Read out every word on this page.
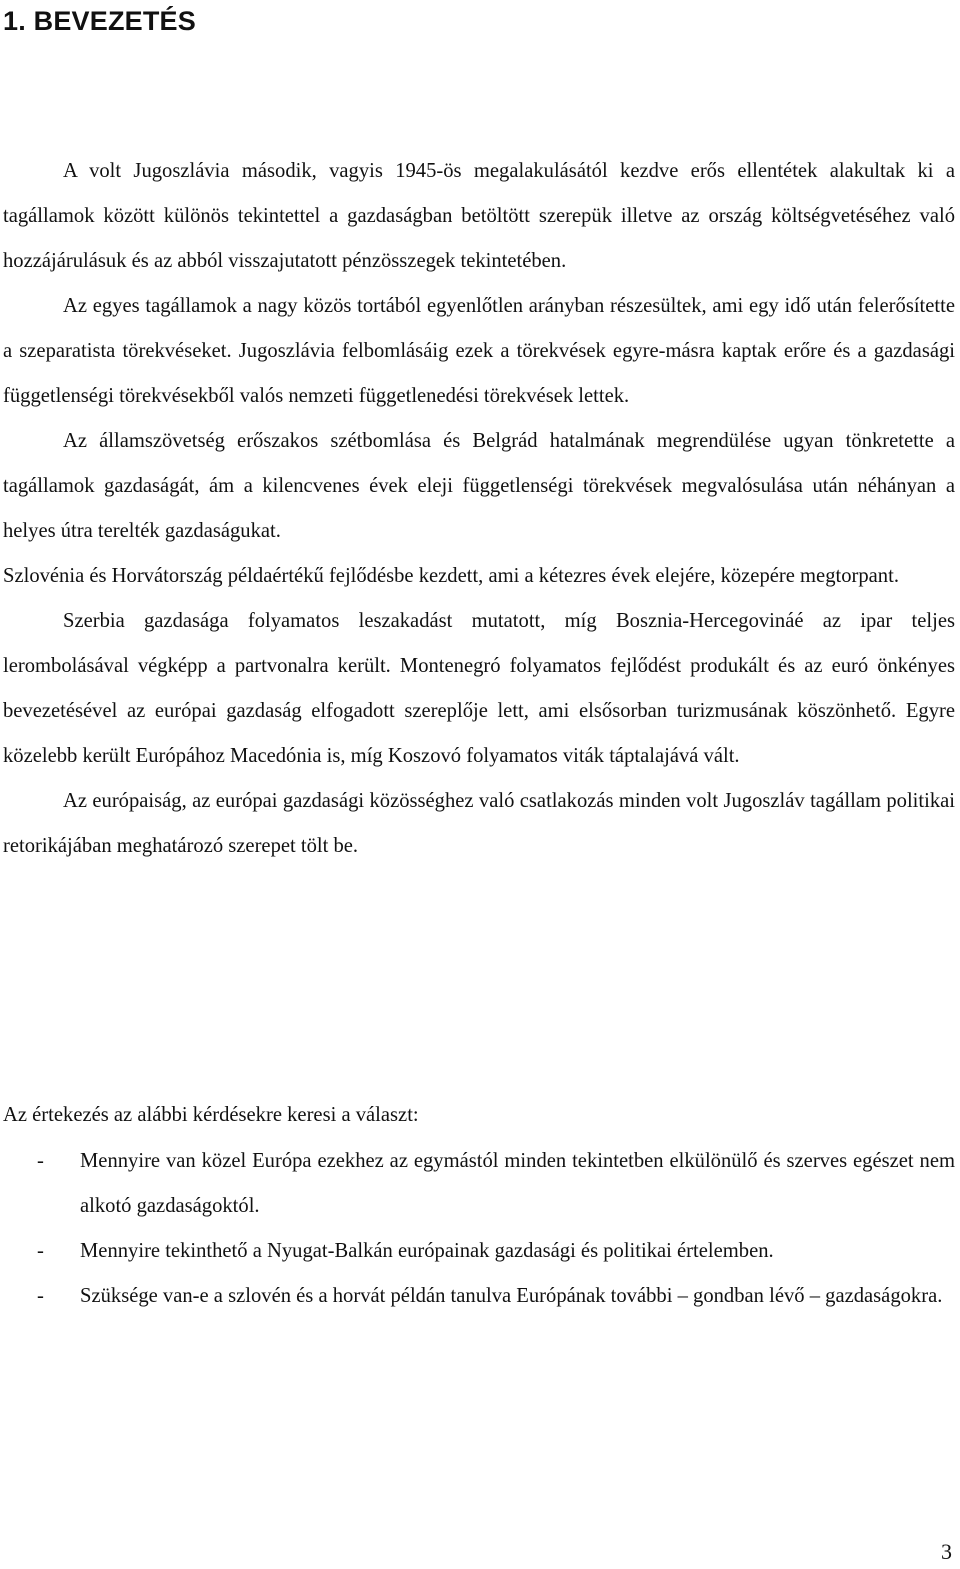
1. BEVEZETÉS

A volt Jugoszlávia második, vagyis 1945-ös megalakulásától kezdve erős ellentétek alakultak ki a tagállamok között különös tekintettel a gazdaságban betöltött szerepük illetve az ország költségvetéséhez való hozzájárulásuk és az abból visszajutatott pénzösszegek tekintetében.

Az egyes tagállamok a nagy közös tortából egyenlőtlen arányban részesültek, ami egy idő után felerősítette a szeparatista törekvéseket. Jugoszlávia felbomlásáig ezek a törekvések egyre-másra kaptak erőre és a gazdasági függetlenségi törekvésekből valós nemzeti függetlenedési törekvések lettek.

Az államszövetség erőszakos szétbomlása és Belgrád hatalmának megrendülése ugyan tönkretette a tagállamok gazdaságát, ám a kilencvenes évek eleji függetlenségi törekvések megvalósulása után néhányan a helyes útra terelték gazdaságukat.

Szlovénia és Horvátország példaértékű fejlődésbe kezdett, ami a kétezres évek elejére, közepére megtorpant.

Szerbia gazdasága folyamatos leszakadást mutatott, míg Bosznia-Hercegovináé az ipar teljes lerombolásával végképp a partvonalra került. Montenegró folyamatos fejlődést produkált és az euró önkényes bevezetésével az európai gazdaság elfogadott szereplője lett, ami elsősorban turizmusának köszönhető. Egyre közelebb került Európához Macedónia is, míg Koszovó folyamatos viták táptalajává vált.

Az európaiság, az európai gazdasági közösséghez való csatlakozás minden volt Jugoszláv tagállam politikai retorikájában meghatározó szerepet tölt be.

Az értekezés az alábbi kérdésekre keresi a választ:

- Mennyire van közel Európa ezekhez az egymástól minden tekintetben elkülönülő és szerves egészet nem alkotó gazdaságoktól.
- Mennyire tekinthető a Nyugat-Balkán európainak gazdasági és politikai értelemben.
- Szüksége van-e a szlovén és a horvát példán tanulva Európának további – gondban lévő – gazdaságokra.
3
